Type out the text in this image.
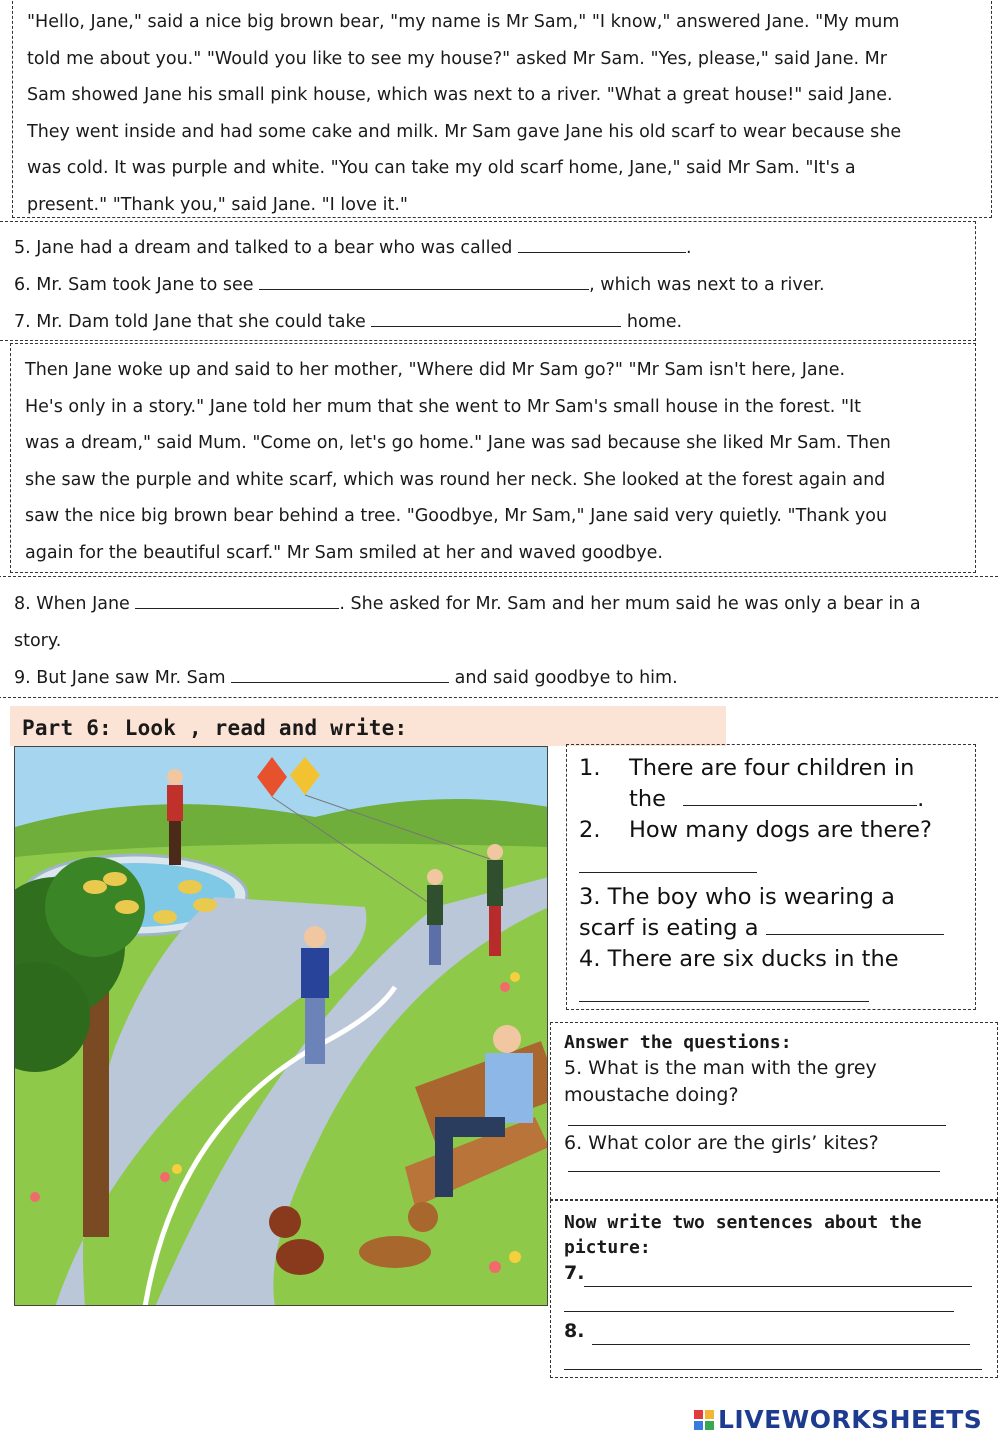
"Hello, Jane," said a nice big brown bear, "my name is Mr Sam," "I know," answered Jane. "My mum

told me about you." "Would you like to see my house?" asked Mr Sam. "Yes, please," said Jane. Mr

Sam showed Jane his small pink house, which was next to a river. "What a great house!" said Jane.

They went inside and had some cake and milk. Mr Sam gave Jane his old scarf to wear because she

was cold. It was purple and white. "You can take my old scarf home, Jane," said Mr Sam. "It's a

present." "Thank you," said Jane. "I love it."

5. Jane had a dream and talked to a bear who was called	.

6. Mr. Sam took Jane to see	, which was next to a river.

7. Mr. Dam told Jane that she could take	home.

Then Jane woke up and said to her mother, "Where did Mr Sam go?" "Mr Sam isn't here, Jane.

He's only in a story." Jane told her mum that she went to Mr Sam's small house in the forest. "It

was a dream," said Mum. "Come on, let's go home." Jane was sad because she liked Mr Sam. Then

she saw the purple and white scarf, which was round her neck. She looked at the forest again and

saw the nice big brown bear behind a tree. "Goodbye, Mr Sam," Jane said very quietly. "Thank you

again for the beautiful scarf." Mr Sam smiled at her and waved goodbye.

8. When Jane	. She asked for Mr. Sam and her mum said he was only a bear in a

story.

9. But Jane saw Mr. Sam	and said goodbye to him.

Part 6: Look , read and write:
1. There are four children in
the	.
2. How many dogs are there?
3. The boy who is wearing a
scarf is eating a
4. There are six ducks in the
Answer the questions:
5. What is the man with the grey
moustache doing?
6. What color are the girls’ kites?
Now write two sentences about the
picture:
7.
8.
LIVEWORKSHEETS
